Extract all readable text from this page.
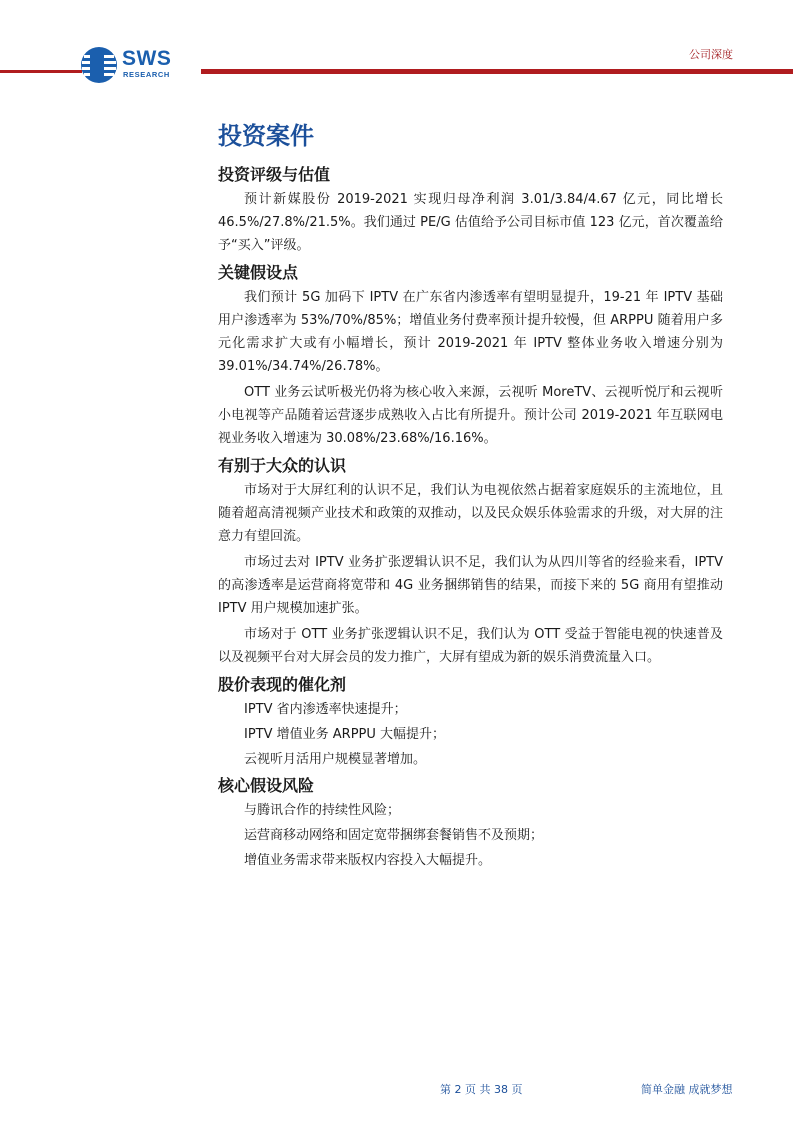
SWS
RESEARCH
公司深度
投资案件
投资评级与估值

预计新媒股份 2019-2021 实现归母净利润 3.01/3.84/4.67 亿元，同比增长 46.5%/27.8%/21.5%。我们通过 PE/G 估值给予公司目标市值 123 亿元，首次覆盖给予“买入”评级。

关键假设点

我们预计 5G 加码下 IPTV 在广东省内渗透率有望明显提升，19-21 年 IPTV 基础用户渗透率为 53%/70%/85%；增值业务付费率预计提升较慢，但 ARPPU 随着用户多元化需求扩大或有小幅增长，预计 2019-2021 年 IPTV 整体业务收入增速分别为 39.01%/34.74%/26.78%。

OTT 业务云试听极光仍将为核心收入来源，云视听 MoreTV、云视听悦厅和云视听小电视等产品随着运营逐步成熟收入占比有所提升。预计公司 2019-2021 年互联网电视业务收入增速为 30.08%/23.68%/16.16%。

有别于大众的认识

市场对于大屏红利的认识不足，我们认为电视依然占据着家庭娱乐的主流地位，且随着超高清视频产业技术和政策的双推动，以及民众娱乐体验需求的升级，对大屏的注意力有望回流。

市场过去对 IPTV 业务扩张逻辑认识不足，我们认为从四川等省的经验来看，IPTV 的高渗透率是运营商将宽带和 4G 业务捆绑销售的结果，而接下来的 5G 商用有望推动 IPTV 用户规模加速扩张。

市场对于 OTT 业务扩张逻辑认识不足，我们认为 OTT 受益于智能电视的快速普及以及视频平台对大屏会员的发力推广，大屏有望成为新的娱乐消费流量入口。

股价表现的催化剂

IPTV 省内渗透率快速提升；

IPTV 增值业务 ARPPU 大幅提升；

云视听月活用户规模显著增加。

核心假设风险

与腾讯合作的持续性风险；

运营商移动网络和固定宽带捆绑套餐销售不及预期；

增值业务需求带来版权内容投入大幅提升。

第 2 页 共 38 页	简单金融 成就梦想
